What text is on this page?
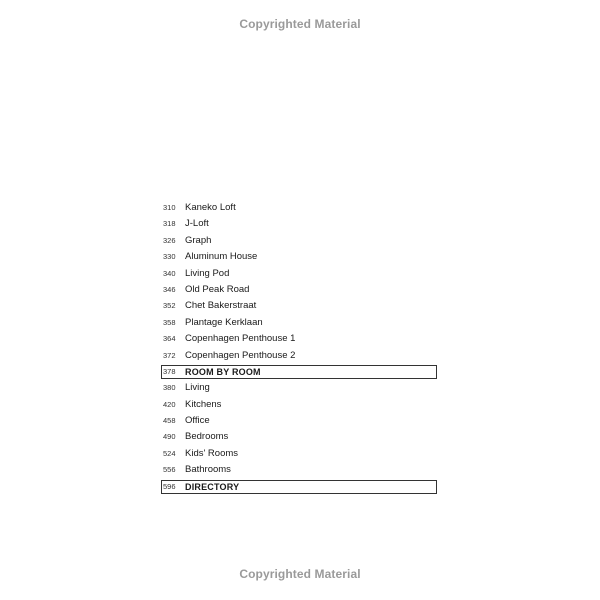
Copyrighted Material
310 Kaneko Loft
318 J-Loft
326 Graph
330 Aluminum House
340 Living Pod
346 Old Peak Road
352 Chet Bakerstraat
358 Plantage Kerklaan
364 Copenhagen Penthouse 1
372 Copenhagen Penthouse 2
378 ROOM BY ROOM
380 Living
420 Kitchens
458 Office
490 Bedrooms
524 Kids' Rooms
556 Bathrooms
596 DIRECTORY
Copyrighted Material
